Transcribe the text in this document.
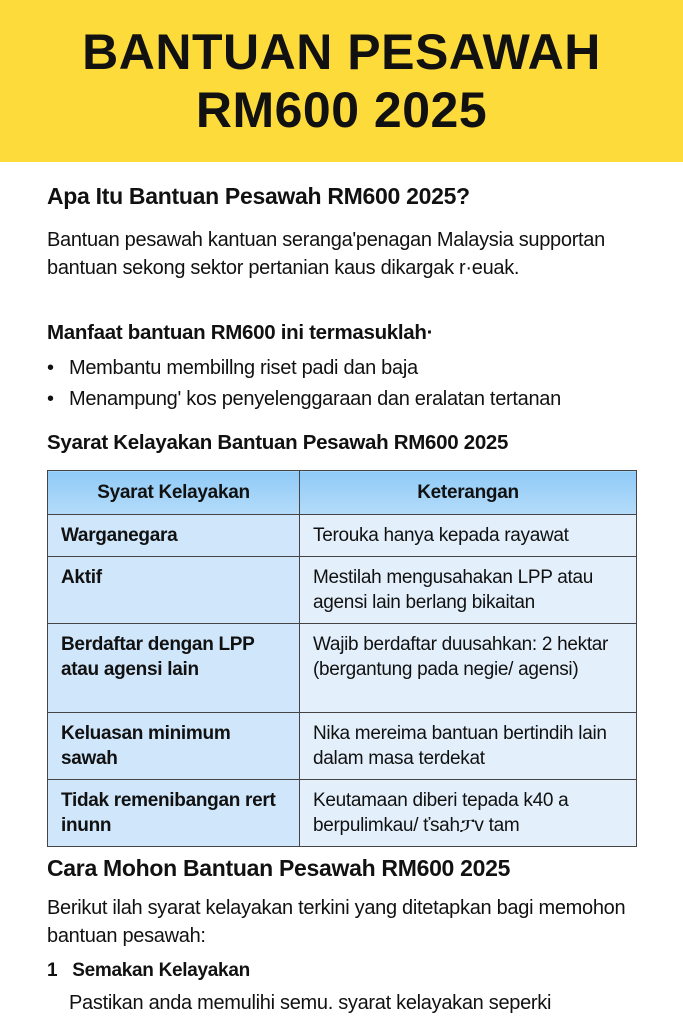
BANTUAN PESAWAH
RM600 2025
Apa Itu Bantuan Pesawah RM600 2025?

Bantuan pesawah kantuan seranga'penagan Malaysia supportan bantuan sekong sektor pertanian kaus dikargak r·euak.

Manfaat bantuan RM600 ini termasuklah·
• Membantu membillng riset padi dan baja
• Menampung' kos penyelenggaraan dan eralatan tertanan
Syarat Kelayakan Bantuan Pesawah RM600 2025
Syarat Kelayakan	Keterangan
Warganegara	Terouka hanya kepada rayawat
Aktif	Mestilah mengusahakan LPP atau agensi lain berlang bikaitan
Berdaftar dengan LPP atau agensi lain	Wajib berdaftar duusahkan: 2 hektar (bergantung pada negie/ agensi)
Keluasan minimum sawah	Nika mereima bantuan bertindih lain dalam masa terdekat
Tidak remenibangan rert inunn	Keutamaan diberi tepada k40 a berpulimkau/ ťsahፓv tam
Cara Mohon Bantuan Pesawah RM600 2025

Berikut ilah syarat kelayakan terkini yang ditetapkan bagi memohon bantuan pesawah:

1 Semakan Kelayakan

Pastikan anda memulihi semu. syarat kelayakan seperki
